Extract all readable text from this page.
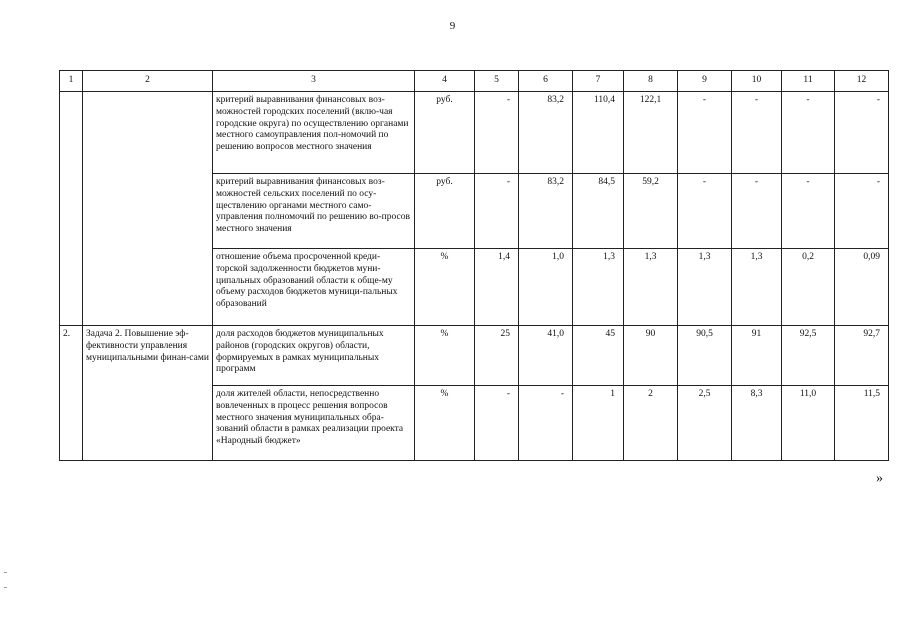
9
1	2	3	4	5	6	7	8	9	10	11	12
		критерий выравнивания финансовых воз-можностей городских поселений (вклю-чая городские округа) по осуществлению органами местного самоуправления пол-номочий по решению вопросов местного значения	руб.	-	83,2	110,4	122,1	-	-	-	-
		критерий выравнивания финансовых воз-можностей сельских поселений по осу-ществлению органами местного само-управления полномочий по решению во-просов местного значения	руб.	-	83,2	84,5	59,2	-	-	-	-
		отношение объема просроченной креди-торской задолженности бюджетов муни-ципальных образований области к обще-му объему расходов бюджетов муници-пальных образований	%	1,4	1,0	1,3	1,3	1,3	1,3	0,2	0,09
2.	Задача 2. Повышение эф-фективности управления муниципальными финан-сами	доля расходов бюджетов муниципальных районов (городских округов) области, формируемых в рамках муниципальных программ	%	25	41,0	45	90	90,5	91	92,5	92,7
		доля жителей области, непосредственно вовлеченных в процесс решения вопросов местного значения муниципальных обра-зований области в рамках реализации проекта «Народный бюджет»	%	-	-	1	2	2,5	8,3	11,0	11,5
»
